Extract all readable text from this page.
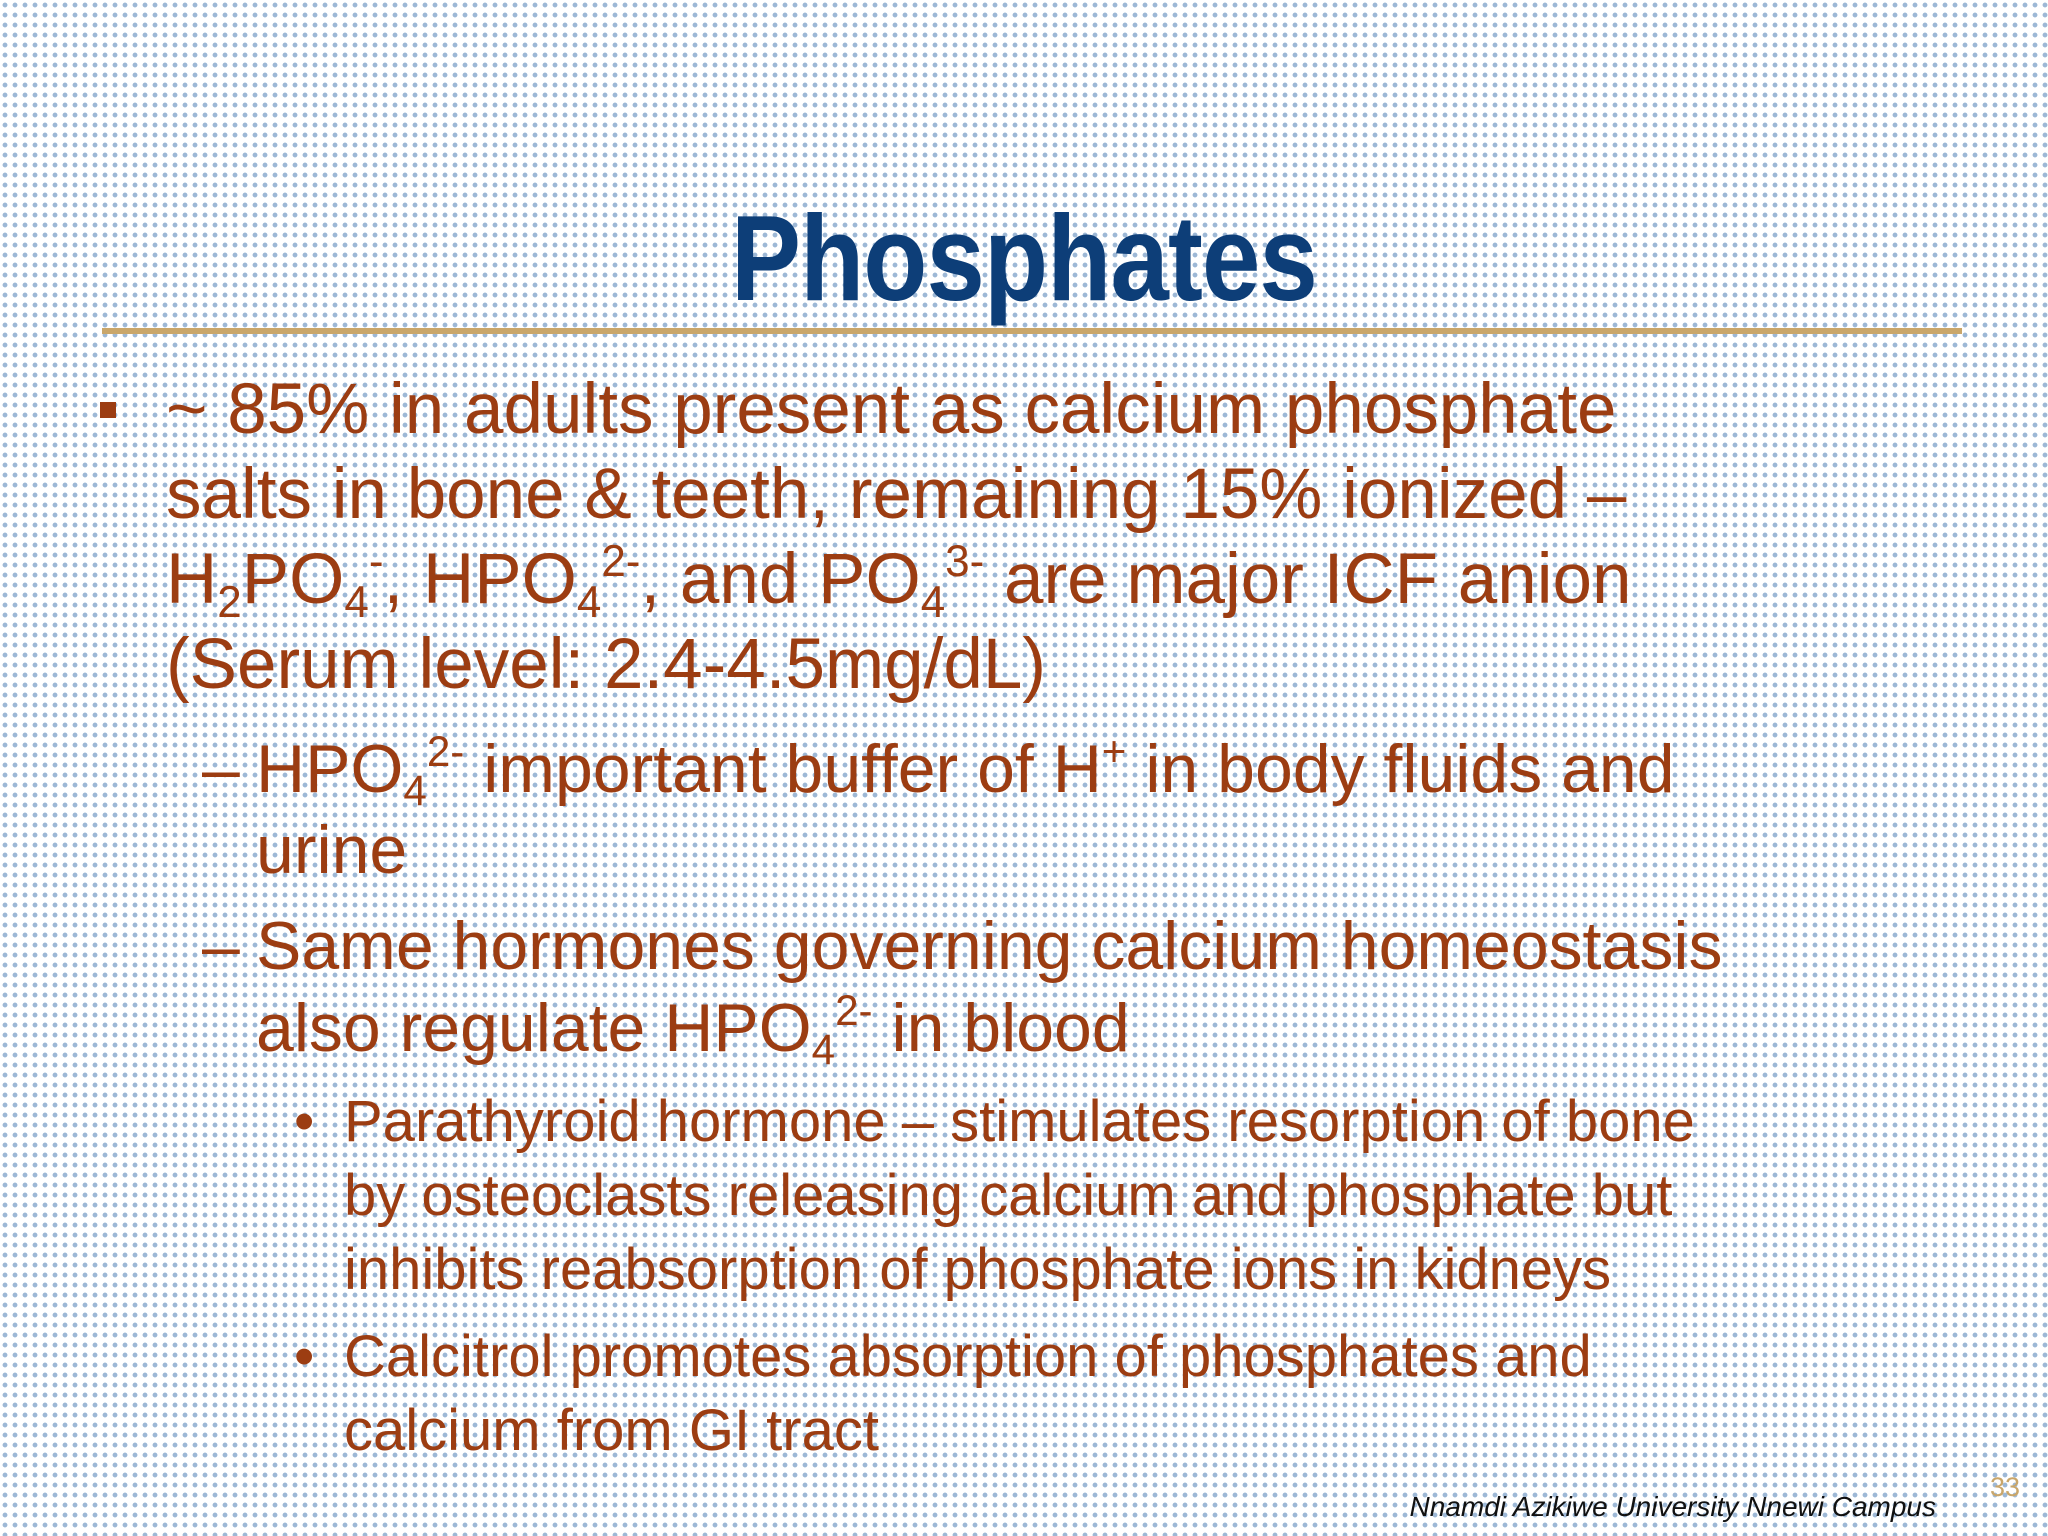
Phosphates
~ 85% in adults present as calcium phosphate
salts in bone & teeth, remaining 15% ionized –
H2PO4-, $HPO4^{2-}$, and $PO4^{3-}$ are major ICF anion
(Serum level: 2.4-4.5mg/dL)
– $HPO4^{2-}$ important buffer of H+ in body fluids and
urine
– Same hormones governing calcium homeostasis
also regulate $HPO4^{2-}$ in blood
• Parathyroid hormone – stimulates resorption of bone
by osteoclasts releasing calcium and phosphate but
inhibits reabsorption of phosphate ions in kidneys
• Calcitrol promotes absorption of phosphates and
calcium from GI tract
Nnamdi Azikiwe University Nnewi Campus
33
